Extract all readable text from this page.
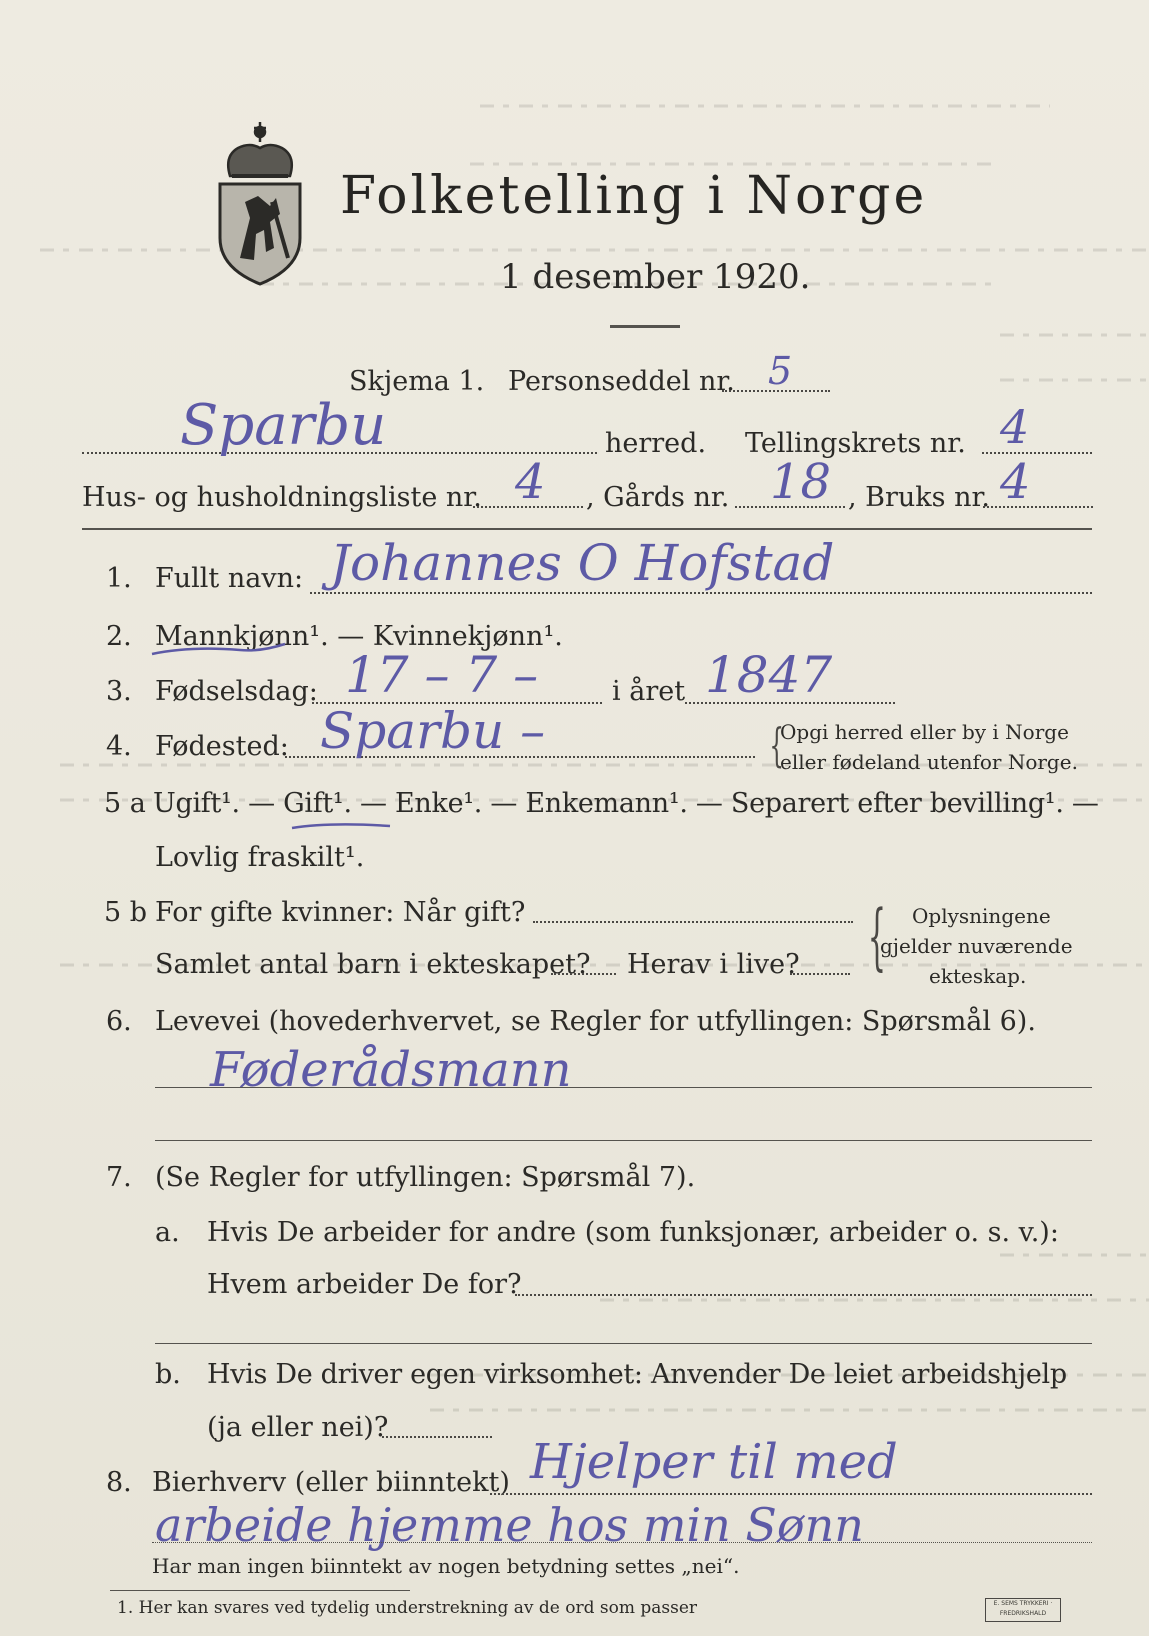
Folketelling i Norge
1 desember 1920.
Skjema 1. Personseddel nr. 5
Sparbu	herred. Tellingskrets nr. 4
Hus- og husholdningsliste nr. 4 , Gårds nr. 18 , Bruks nr. 4
1. Fullt navn: Johannes O Hofstad
2. Mannkjønn¹. — Kvinnekjønn¹.
3. Fødselsdag: 17 – 7 –	i året 1847
4. Fødested: Sparbu –	{
Opgi herred eller by i Norge
eller fødeland utenfor Norge.
5 a Ugift¹. — Gift¹. — Enke¹. — Enkemann¹. — Separert efter bevilling¹. —
Lovlig fraskilt¹.
5 b For gifte kvinner: Når gift?
Samlet antal barn i ekteskapet? Herav i live? { Oplysningene
gjelder nuværende
ekteskap.
6. Levevei (hovederhvervet, se Regler for utfyllingen: Spørsmål 6).
Føderådsmann
7. (Se Regler for utfyllingen: Spørsmål 7).
a. Hvis De arbeider for andre (som funksjonær, arbeider o. s. v.):
Hvem arbeider De for?
b. Hvis De driver egen virksomhet: Anvender De leiet arbeidshjelp
(ja eller nei)?
8. Bierhverv (eller biinntekt) Hjelper til med
arbeide hjemme hos min Sønn
Har man ingen biinntekt av nogen betydning settes „nei“.
1. Her kan svares ved tydelig understrekning av de ord som passer	E. SEMS TRYKKERI · FREDRIKSHALD
